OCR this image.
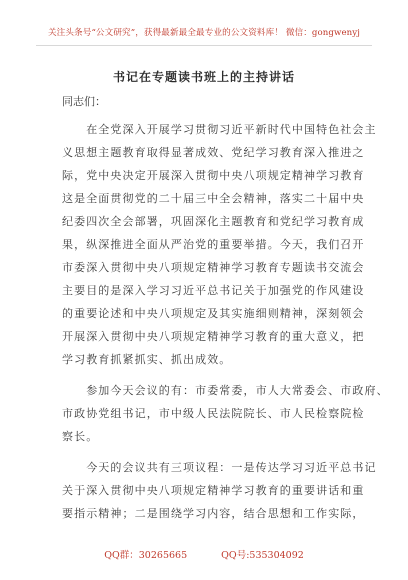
关注头条号“公文研究”，获得最新最全最专业的公文资料库！ 微信：gongwenyj
书记在专题读书班上的主持讲话
同志们：
　　在全党深入开展学习贯彻习近平新时代中国特色社会主
义思想主题教育取得显著成效、党纪学习教育深入推进之
际，党中央决定开展深入贯彻中央八项规定精神学习教育
这是全面贯彻党的二十届三中全会精神，落实二十届中央
纪委四次全会部署，巩固深化主题教育和党纪学习教育成
果，纵深推进全面从严治党的重要举措。今天，我们召开
市委深入贯彻中央八项规定精神学习教育专题读书交流会
主要目的是深入学习习近平总书记关于加强党的作风建设
的重要论述和中央八项规定及其实施细则精神，深刻领会
开展深入贯彻中央八项规定精神学习教育的重大意义，把
学习教育抓紧抓实、抓出成效。
　　参加今天会议的有：市委常委，市人大常委会、市政府、
市政协党组书记，市中级人民法院院长、市人民检察院检
察长。
　　今天的会议共有三项议程：一是传达学习习近平总书记
关于深入贯彻中央八项规定精神学习教育的重要讲话和重
要指示精神；二是围绕学习内容，结合思想和工作实际，
QQ群：30265665	QQ号:535304092
